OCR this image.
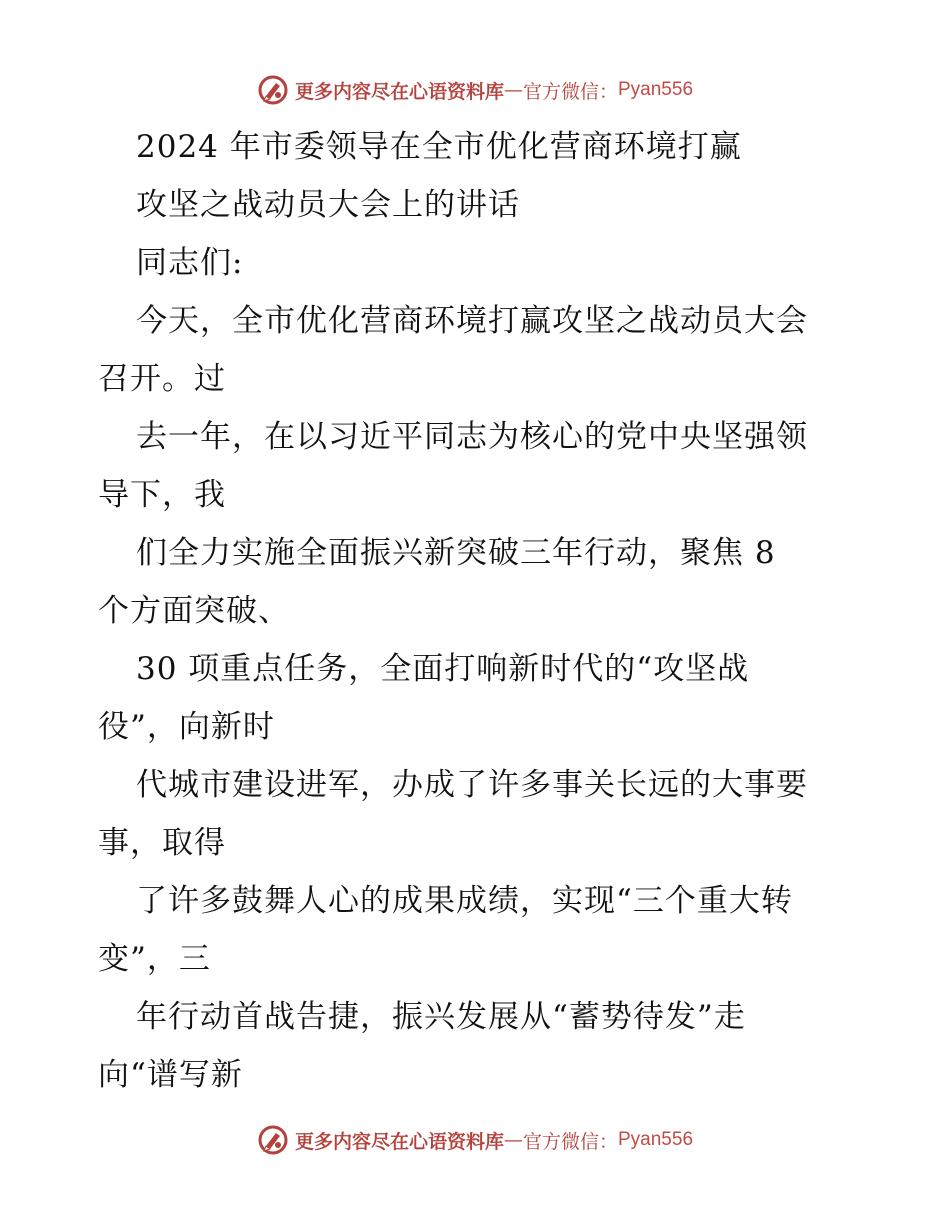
更多内容尽在心语资料库 — 官方微信： Pyan556
2024 年市委领导在全市优化营商环境打赢
攻坚之战动员大会上的讲话
同志们:
今天，全市优化营商环境打赢攻坚之战动员大会
召开。过
去一年，在以习近平同志为核心的党中央坚强领
导下，我
们全力实施全面振兴新突破三年行动，聚焦 8
个方面突破、
30 项重点任务，全面打响新时代的“攻坚战
役”，向新时
代城市建设进军，办成了许多事关长远的大事要
事，取得
了许多鼓舞人心的成果成绩，实现“三个重大转
变”，三
年行动首战告捷，振兴发展从“蓄势待发”走
向“谱写新
更多内容尽在心语资料库 — 官方微信： Pyan556
